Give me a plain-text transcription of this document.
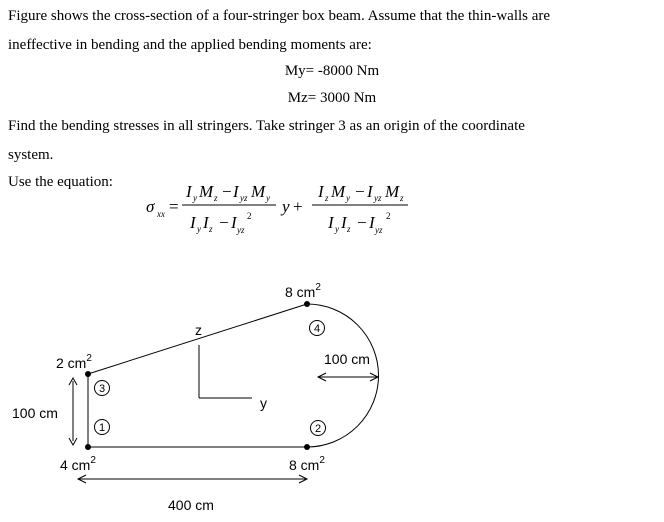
Figure shows the cross-section of a four-stringer box beam. Assume that the thin-walls are
ineffective in bending and the applied bending moments are:
My= -8000 Nm
Mz= 3000 Nm
Find the bending stresses in all stringers. Take stringer 3 as an origin of the coordinate
system.
Use the equation:
σ xx =
I y M z − I yz M y
I y I z − I yz
2 y +
I z M y − I yz M z
I y I z − I yz
2
8 $cm^2$
2 $cm^2$
4 $cm^2$	8 $cm^2$
100 cm
100 cm
400 cm
z
y
3
1
4
2
